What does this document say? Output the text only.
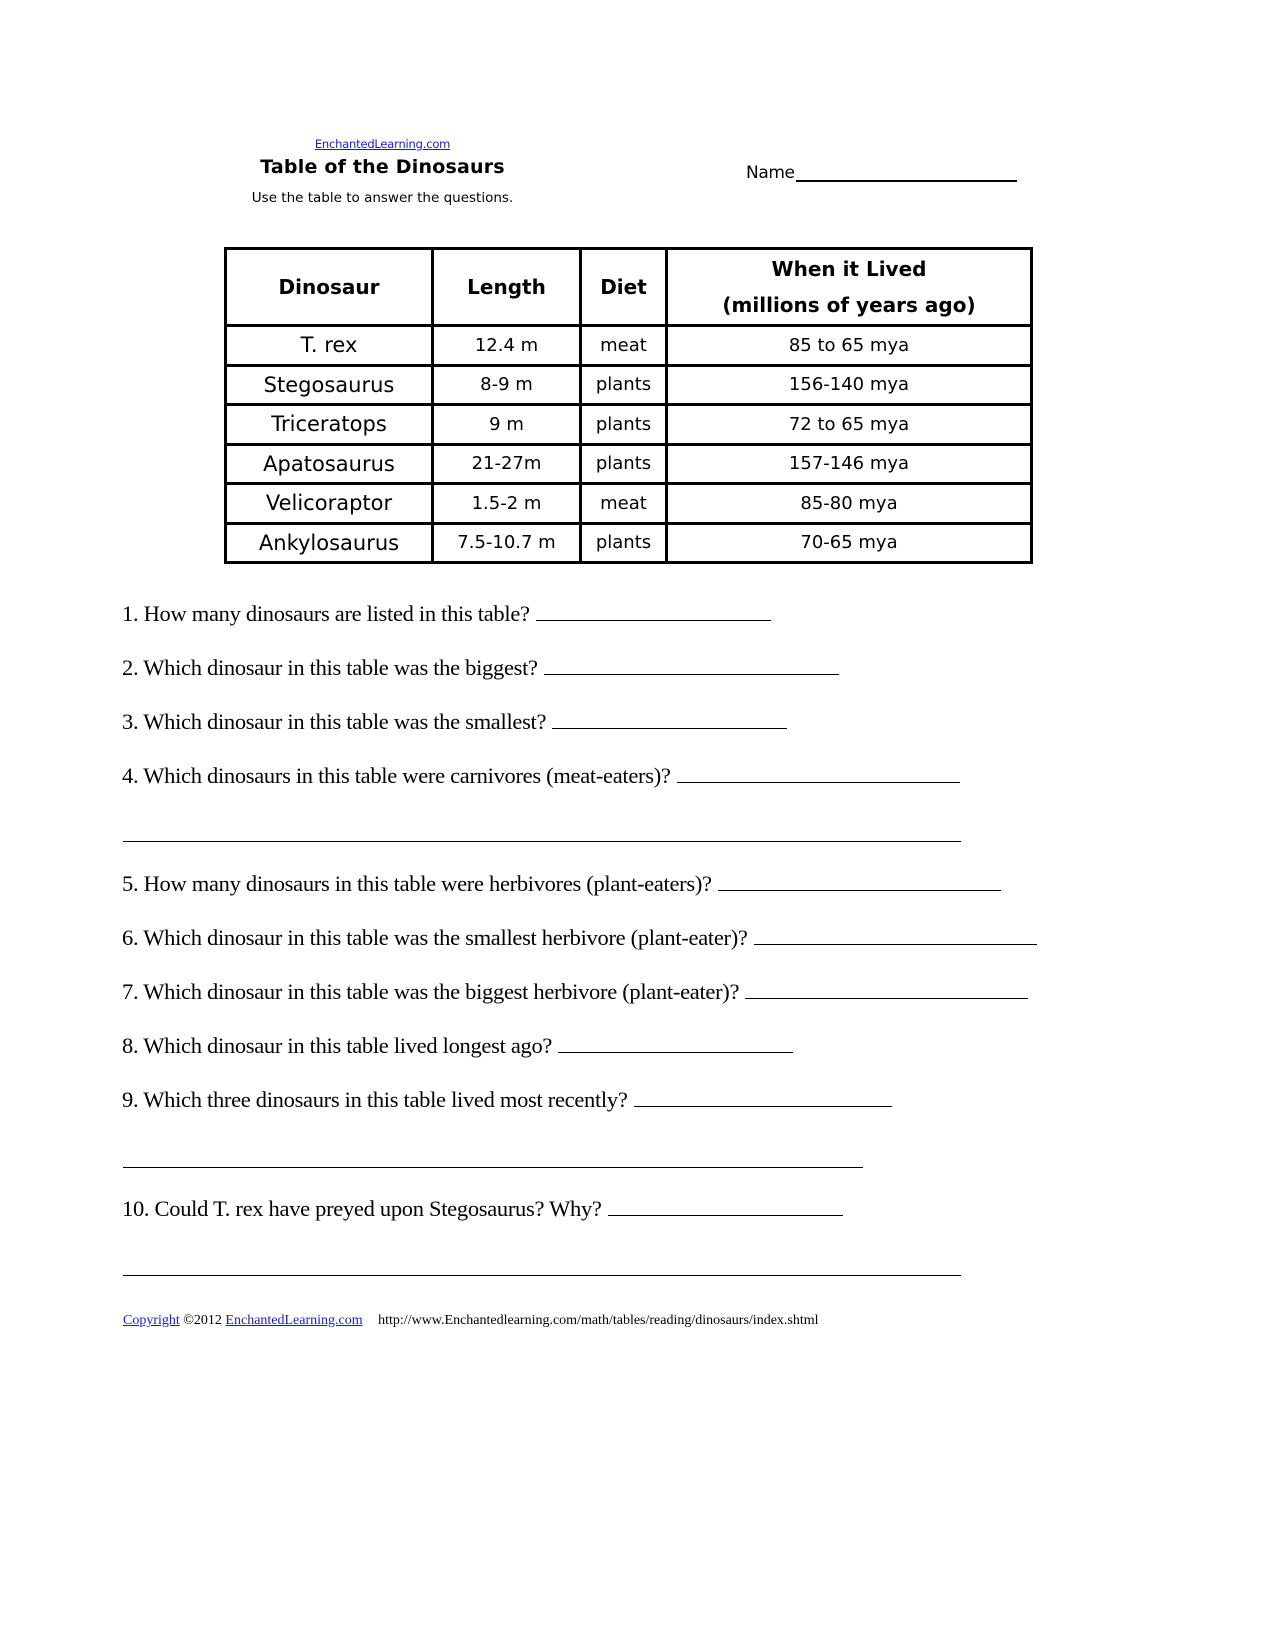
EnchantedLearning.com
Table of the Dinosaurs
Use the table to answer the questions.
Name
Dinosaur	Length	Diet	When it Lived
(millions of years ago)

T. rex	12.4 m	meat	85 to 65 mya
Stegosaurus	8-9 m	plants	156-140 mya
Triceratops	9 m	plants	72 to 65 mya
Apatosaurus	21-27m	plants	157-146 mya
Velicoraptor	1.5-2 m	meat	85-80 mya
Ankylosaurus	7.5-10.7 m	plants	70-65 mya
1. How many dinosaurs are listed in this table?
2. Which dinosaur in this table was the biggest?
3. Which dinosaur in this table was the smallest?
4. Which dinosaurs in this table were carnivores (meat-eaters)?
5. How many dinosaurs in this table were herbivores (plant-eaters)?
6. Which dinosaur in this table was the smallest herbivore (plant-eater)?
7. Which dinosaur in this table was the biggest herbivore (plant-eater)?
8. Which dinosaur in this table lived longest ago?
9. Which three dinosaurs in this table lived most recently?
10. Could T. rex have preyed upon Stegosaurus? Why?
Copyright ©2012 EnchantedLearning.com http://www.Enchantedlearning.com/math/tables/reading/dinosaurs/index.shtml
